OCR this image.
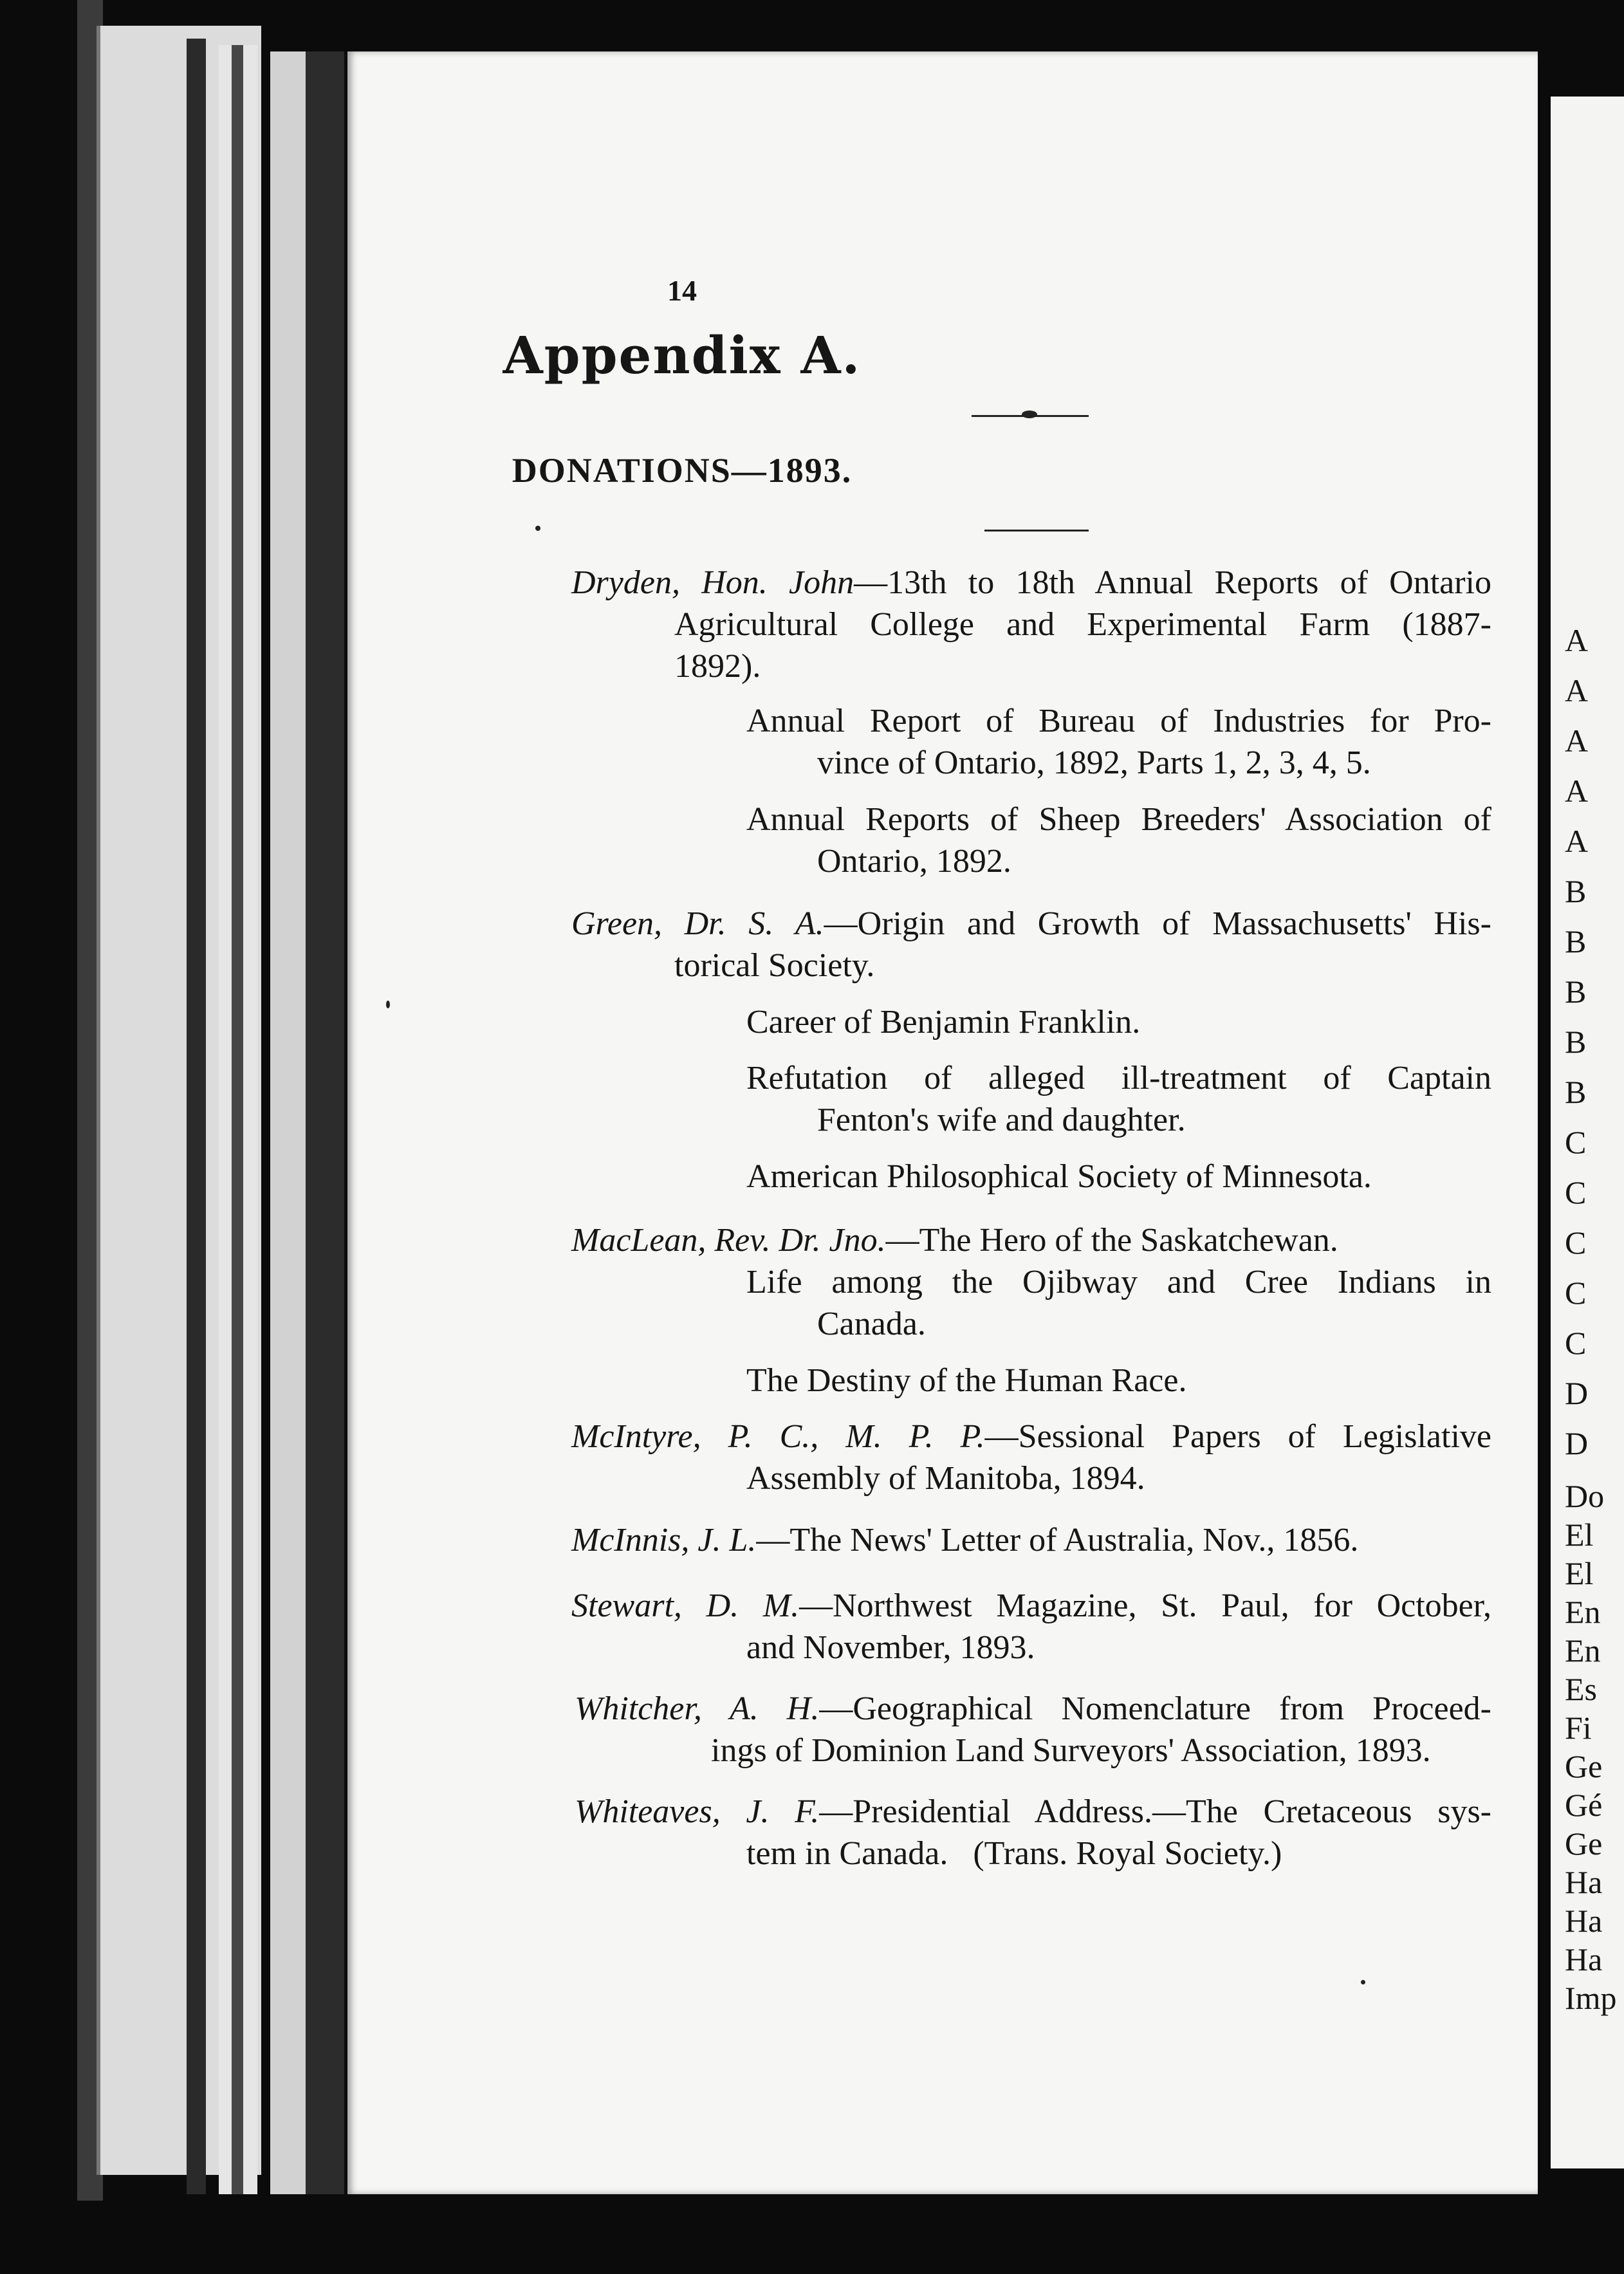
A
A
A
A
A
B
B
B
B
B
C
C
C
C
C
D
D
Do
El
El
En
En
Es
Fi
Ge
Gé
Ge
Ha
Ha
Ha
Imp
14
Appendix A.
DONATIONS—1893.
Dryden, Hon. John—13th to 18th Annual Reports of Ontario
Agricultural College and Experimental Farm (1887-
1892).
Annual Report of Bureau of Industries for Pro-
vince of Ontario, 1892, Parts 1, 2, 3, 4, 5.
Annual Reports of Sheep Breeders' Association of
Ontario, 1892.
Green, Dr. S. A.—Origin and Growth of Massachusetts' His-
torical Society.
Career of Benjamin Franklin.
Refutation of alleged ill-treatment of Captain
Fenton's wife and daughter.
American Philosophical Society of Minnesota.
MacLean, Rev. Dr. Jno.—The Hero of the Saskatchewan.
Life among the Ojibway and Cree Indians in
Canada.
The Destiny of the Human Race.
McIntyre, P. C., M. P. P.—Sessional Papers of Legislative
Assembly of Manitoba, 1894.
McInnis, J. L.—The News' Letter of Australia, Nov., 1856.
Stewart, D. M.—Northwest Magazine, St. Paul, for October,
and November, 1893.
Whitcher, A. H.—Geographical Nomenclature from Proceed-
ings of Dominion Land Surveyors' Association, 1893.
Whiteaves, J. F.—Presidential Address.—The Cretaceous sys-
tem in Canada.   (Trans. Royal Society.)
